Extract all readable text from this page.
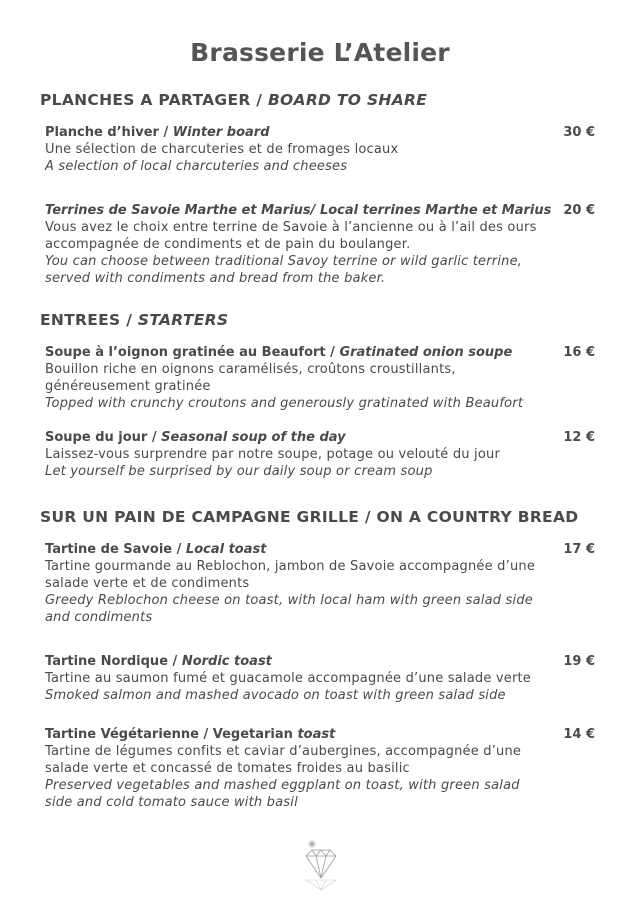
Brasserie L’Atelier
PLANCHES A PARTAGER / BOARD TO SHARE
Planche d’hiver / Winter board	30 €
Une sélection de charcuteries et de fromages locaux
A selection of local charcuteries and cheeses
Terrines de Savoie Marthe et Marius/ Local terrines Marthe et Marius 20 €
Vous avez le choix entre terrine de Savoie à l’ancienne ou à l’ail des ours accompagnée de condiments et de pain du boulanger.
You can choose between traditional Savoy terrine or wild garlic terrine, served with condiments and bread from the baker.
ENTREES / STARTERS
Soupe à l’oignon gratinée au Beaufort / Gratinated onion soupe	16 €
Bouillon riche en oignons caramélisés, croûtons croustillants, généreusement gratinée
Topped with crunchy croutons and generously gratinated with Beaufort
Soupe du jour / Seasonal soup of the day	12 €
Laissez-vous surprendre par notre soupe, potage ou velouté du jour
Let yourself be surprised by our daily soup or cream soup
SUR UN PAIN DE CAMPAGNE GRILLE / ON A COUNTRY BREAD
Tartine de Savoie / Local toast	17 €
Tartine gourmande au Reblochon, jambon de Savoie accompagnée d’une salade verte et de condiments
Greedy Reblochon cheese on toast, with local ham with green salad side and condiments
Tartine Nordique / Nordic toast	19 €
Tartine au saumon fumé et guacamole accompagnée d’une salade verte
Smoked salmon and mashed avocado on toast with green salad side
Tartine Végétarienne / Vegetarian toast	14 €
Tartine de légumes confits et caviar d’aubergines, accompagnée d’une salade verte et concassé de tomates froides au basilic
Preserved vegetables and mashed eggplant on toast, with green salad side and cold tomato sauce with basil
